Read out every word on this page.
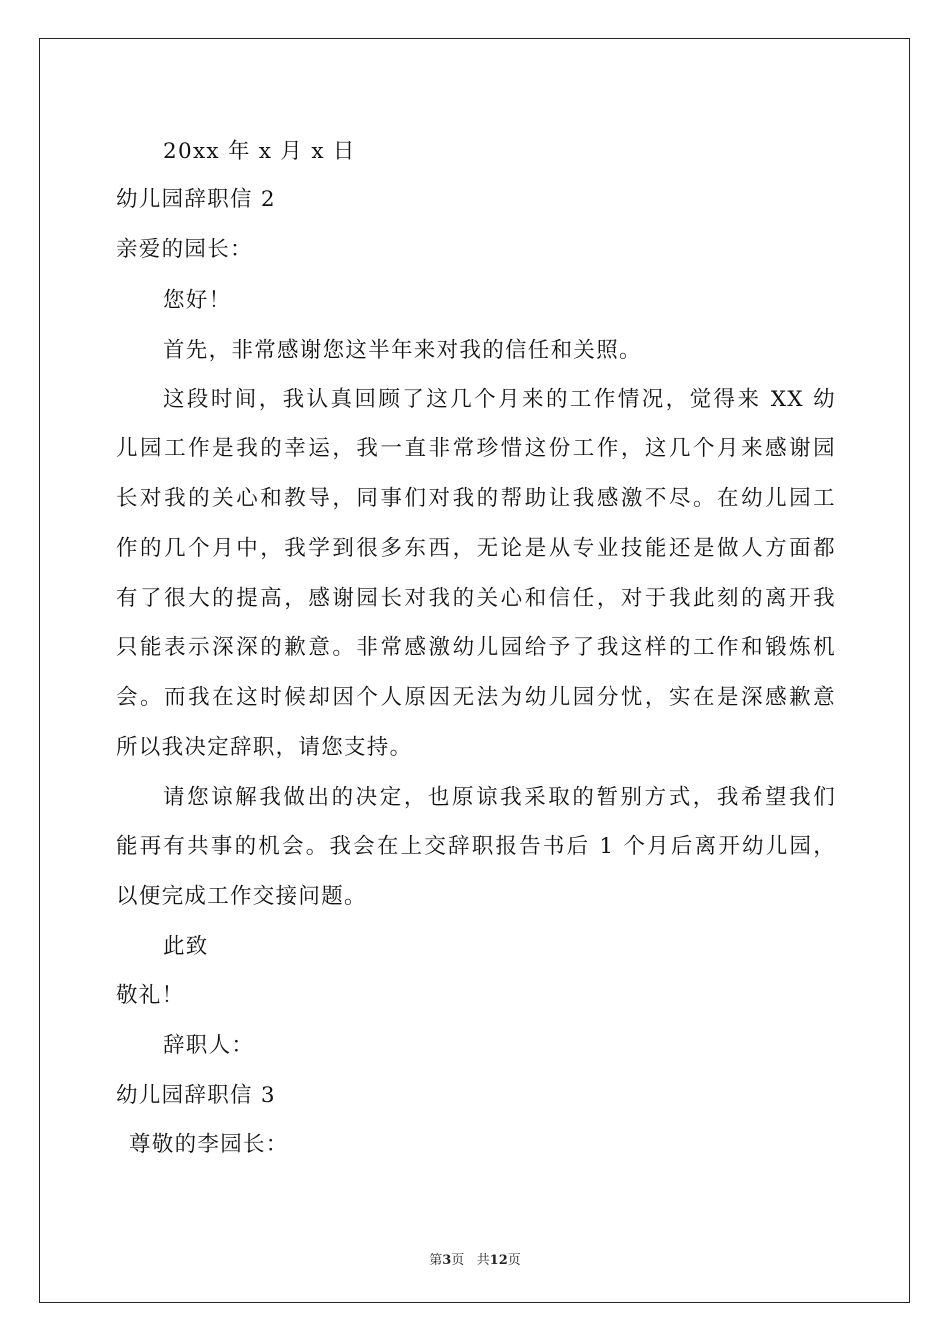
20xx 年 x 月 x 日
幼儿园辞职信 2
亲爱的园长：
您好！
首先，非常感谢您这半年来对我的信任和关照。
这段时间，我认真回顾了这几个月来的工作情况，觉得来 XX 幼
儿园工作是我的幸运，我一直非常珍惜这份工作，这几个月来感谢园
长对我的关心和教导，同事们对我的帮助让我感激不尽。在幼儿园工
作的几个月中，我学到很多东西，无论是从专业技能还是做人方面都
有了很大的提高，感谢园长对我的关心和信任，对于我此刻的离开我
只能表示深深的歉意。非常感激幼儿园给予了我这样的工作和锻炼机
会。而我在这时候却因个人原因无法为幼儿园分忧，实在是深感歉意
所以我决定辞职，请您支持。
请您谅解我做出的决定，也原谅我采取的暂别方式，我希望我们
能再有共事的机会。我会在上交辞职报告书后 1 个月后离开幼儿园，
以便完成工作交接问题。
此致
敬礼！
辞职人：
幼儿园辞职信 3
尊敬的李园长：
第3页   共12页
